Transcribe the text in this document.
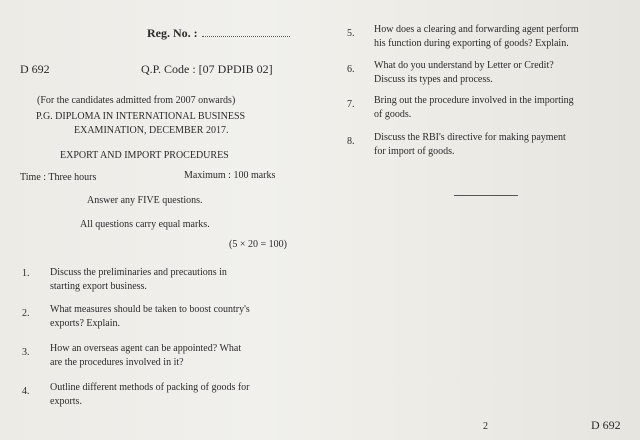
Reg. No. :
D 692	Q.P. Code : [07 DPDIB 02]
(For the candidates admitted from 2007 onwards)
P.G. DIPLOMA IN INTERNATIONAL BUSINESS
EXAMINATION, DECEMBER 2017.
EXPORT AND IMPORT PROCEDURES
Time : Three hours	Maximum : 100 marks
Answer any FIVE questions.
All questions carry equal marks.
(5 × 20 = 100)
1. Discuss the preliminaries and precautions in
starting export business.
2. What measures should be taken to boost country's
exports? Explain.
3. How an overseas agent can be appointed? What
are the procedures involved in it?
4. Outline different methods of packing of goods for
exports.
5. How does a clearing and forwarding agent perform
his function during exporting of goods? Explain.
6. What do you understand by Letter or Credit?
Discuss its types and process.
7. Bring out the procedure involved in the importing
of goods.
8. Discuss the RBI's directive for making payment
for import of goods.
2	D 692
